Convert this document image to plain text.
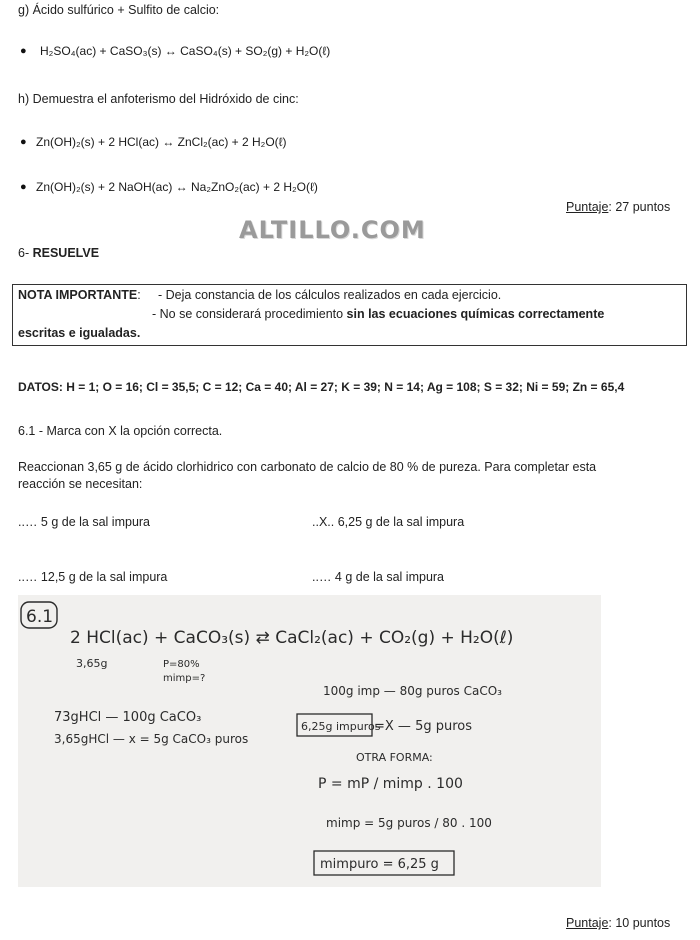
g) Ácido sulfúrico + Sulfito de calcio:
● H₂SO₄(ac) + CaSO₃(s) ↔ CaSO₄(s) + SO₂(g) + H₂O(ℓ)
h) Demuestra el anfoterismo del Hidróxido de cinc:
● Zn(OH)₂(s) + 2 HCl(ac) ↔ ZnCl₂(ac) + 2 H₂O(ℓ)
● Zn(OH)₂(s) + 2 NaOH(ac) ↔ Na₂ZnO₂(ac) + 2 H₂O(ℓ)
Puntaje: 27 puntos
ALTILLO.COM
6- RESUELVE
NOTA IMPORTANTE: - Deja constancia de los cálculos realizados en cada ejercicio.
- No se considerará procedimiento sin las ecuaciones químicas correctamente
escritas e igualadas.
DATOS: H = 1; O = 16; Cl = 35,5; C = 12; Ca = 40; Al = 27; K = 39; N = 14; Ag = 108; S = 32; Ni = 59; Zn = 65,4
6.1 - Marca con X la opción correcta.
Reaccionan 3,65 g de ácido clorhidrico con carbonato de calcio de 80 % de pureza. Para completar esta
reacción se necesitan:
..… 5 g de la sal impura	..X.. 6,25 g de la sal impura
..… 12,5 g de la sal impura	..… 4 g de la sal impura
6.1
2 HCl(ac) + CaCO₃(s) ⇄ CaCl₂(ac) + CO₂(g) + H₂O(ℓ)
3,65g	P=80%
mimp=?
73gHCl — 100g CaCO₃
3,65gHCl — x = 5g CaCO₃ puros
100g imp — 80g puros CaCO₃
6,25g impuros
=X — 5g puros
OTRA FORMA:
P = mP / mimp . 100
mimp = 5g puros / 80 . 100
mimpuro = 6,25 g
Puntaje: 10 puntos
